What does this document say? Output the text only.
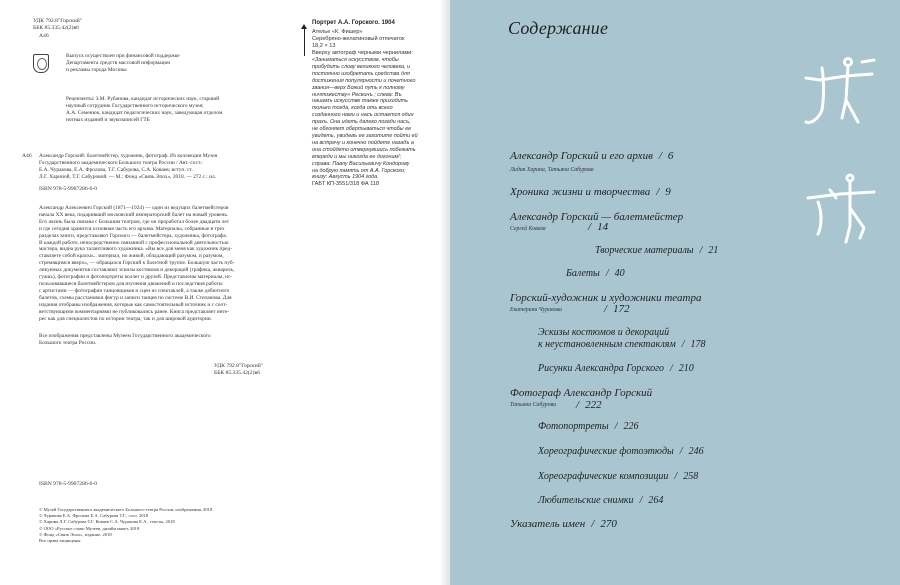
УДК 792.8"Горский"
ББК 85.335.42(2)в6
А46

Выпуск осуществлен при финансовой поддержке

Департамента средств массовой информации

и рекламы города Москвы

Рецензенты: З.М. Рубанова, кандидат исторических наук, старший

научный сотрудник Государственного исторического музея;

А.А. Семенюк, кандидат педагогических наук, заведующая отделом

нотных изданий и звукозаписей ГТБ

А46 Александр Горский: балетмейстер, художник, фотограф. Из коллекции Музея

Государственного академического Большого театра России / Авт.-сост.:

Е.А. Чуракова, Е.А. Фролова, Т.Г. Сабурова, С.А. Коваев; вступ. ст.

Л.Г. Хариной, Т.Г. Сабуровой. — М.: Фонд «Связь Эпох», 2018. — 272 с.: ил.

ISBN 978-5-9907286-6-0

Александр Алексеевич Горский (1871—1924) — один из ведущих балетмейстеров

начала XX века, подаривший московский императорский балет на новый уровень.

Его жизнь была связана с Большим театром, где он проработал более двадцати лет

и где сегодня хранится основная часть его архива. Материалы, собранные в трех

разделах книги, представляют Горского — балетмейстера, художника, фотографа.

В каждой работе, непосредственно связанной с профессиональной деятельностью

мастера, видна рука талантливого художника. «Вы все для меня как художник пред-

ставляете собой краски... материал, но живой, обладающий разумом, и разумом,

стремящимся вверх», — обращался Горский к балетной труппе. Большую часть пуб-

ликуемых документов составляют эскизы костюмов и декораций (графика, акварель,

гуашь), фотографии и фотопортреты коллег и друзей. Представлены материалы, ис-

пользовавшиеся балетмейстером для изучения движений и последствия работы

с артистами — фотографии танцовщиков и сцен из спектаклей, а также дебютного

балетов, схемы расстановки фигур и записи танцев по системе В.И. Степанова. Для

издания отобраны изображения, которые как самостоятельный источник и с соот-

ветствующими комментариями не публиковались ранее. Книга представляет инте-

рес как для специалистов по истории театра, так и для широкой аудитории.

Все изображения представлены Музеем Государственного академического

Большого театра России.

УДК 792.8"Горский"
ББК 85.335.42(2)в6
ISBN 978-5-9907286-6-0

© Музей Государственного академического Большого театра России, изображения, 2018

© Чуракова Е.А. Фролова Е.А. Сабурова Т.Г., сост. 2018

© Харина Л.Г. Сабурова Т.Г. Коваев С.А. Чуракова Е.А., тексты, 2018

© ООО «Русское слово Музеев, дизайн макет, 2018

© Фонд «Связь Эпох», издание, 2018

Все права защищены

Портрет А.А. Горского. 1904

Ателье «К. Фишер»

Серебряно-желатиновый отпечаток

18,2 × 13

Вверху автограф черными чернилами:

«Заниматься искусством, чтобы

пробудить слову великого человека, и

постоянно изобретать средства для

достижения популярности и почетного

звания—верх Божий путь к полному

ничтожеству» Рескинъ ; слева: Въ

нашемъ искусстве также приходить

только тогда, когда оть всего

созданного нами и насъ остается один

прахъ. Она идеть далеко позади насъ,

не обгоняет обертываться чтобы ее

увидеть, увидевъ ее захотите пойти ей

на встречу и конечно пойдете назадъ а

она стойдето отвернувшись побежать

впереди и мы никогда ее догоним!;

справа: Павлу Васильевичу Кондорову

на добрую память от А.А. Горского;

внизу: Августь 1904 года.

ГАБТ КП-3551/318 ФА 118

Содержание
Александр Горский и его архив / 6
Лидия Харина, Татьяна Сабурова
Хроника жизни и творчества / 9
Александр Горский — балетмейстер
Сергей Коваев	/ 14
Творческие материалы / 21
Балеты / 40
Горский-художник и художники театра
Екатерина Чуракова	/ 172
Эскизы костюмов и декораций
к неустановленным спектаклям / 178
Рисунки Александра Горского / 210
Фотограф Александр Горский
Татьяна Сабурова / 222
Фотопортреты / 226
Хореографические фотоэтюды / 246
Хореографические композиции / 258
Любительские снимки / 264
Указатель имен / 270
